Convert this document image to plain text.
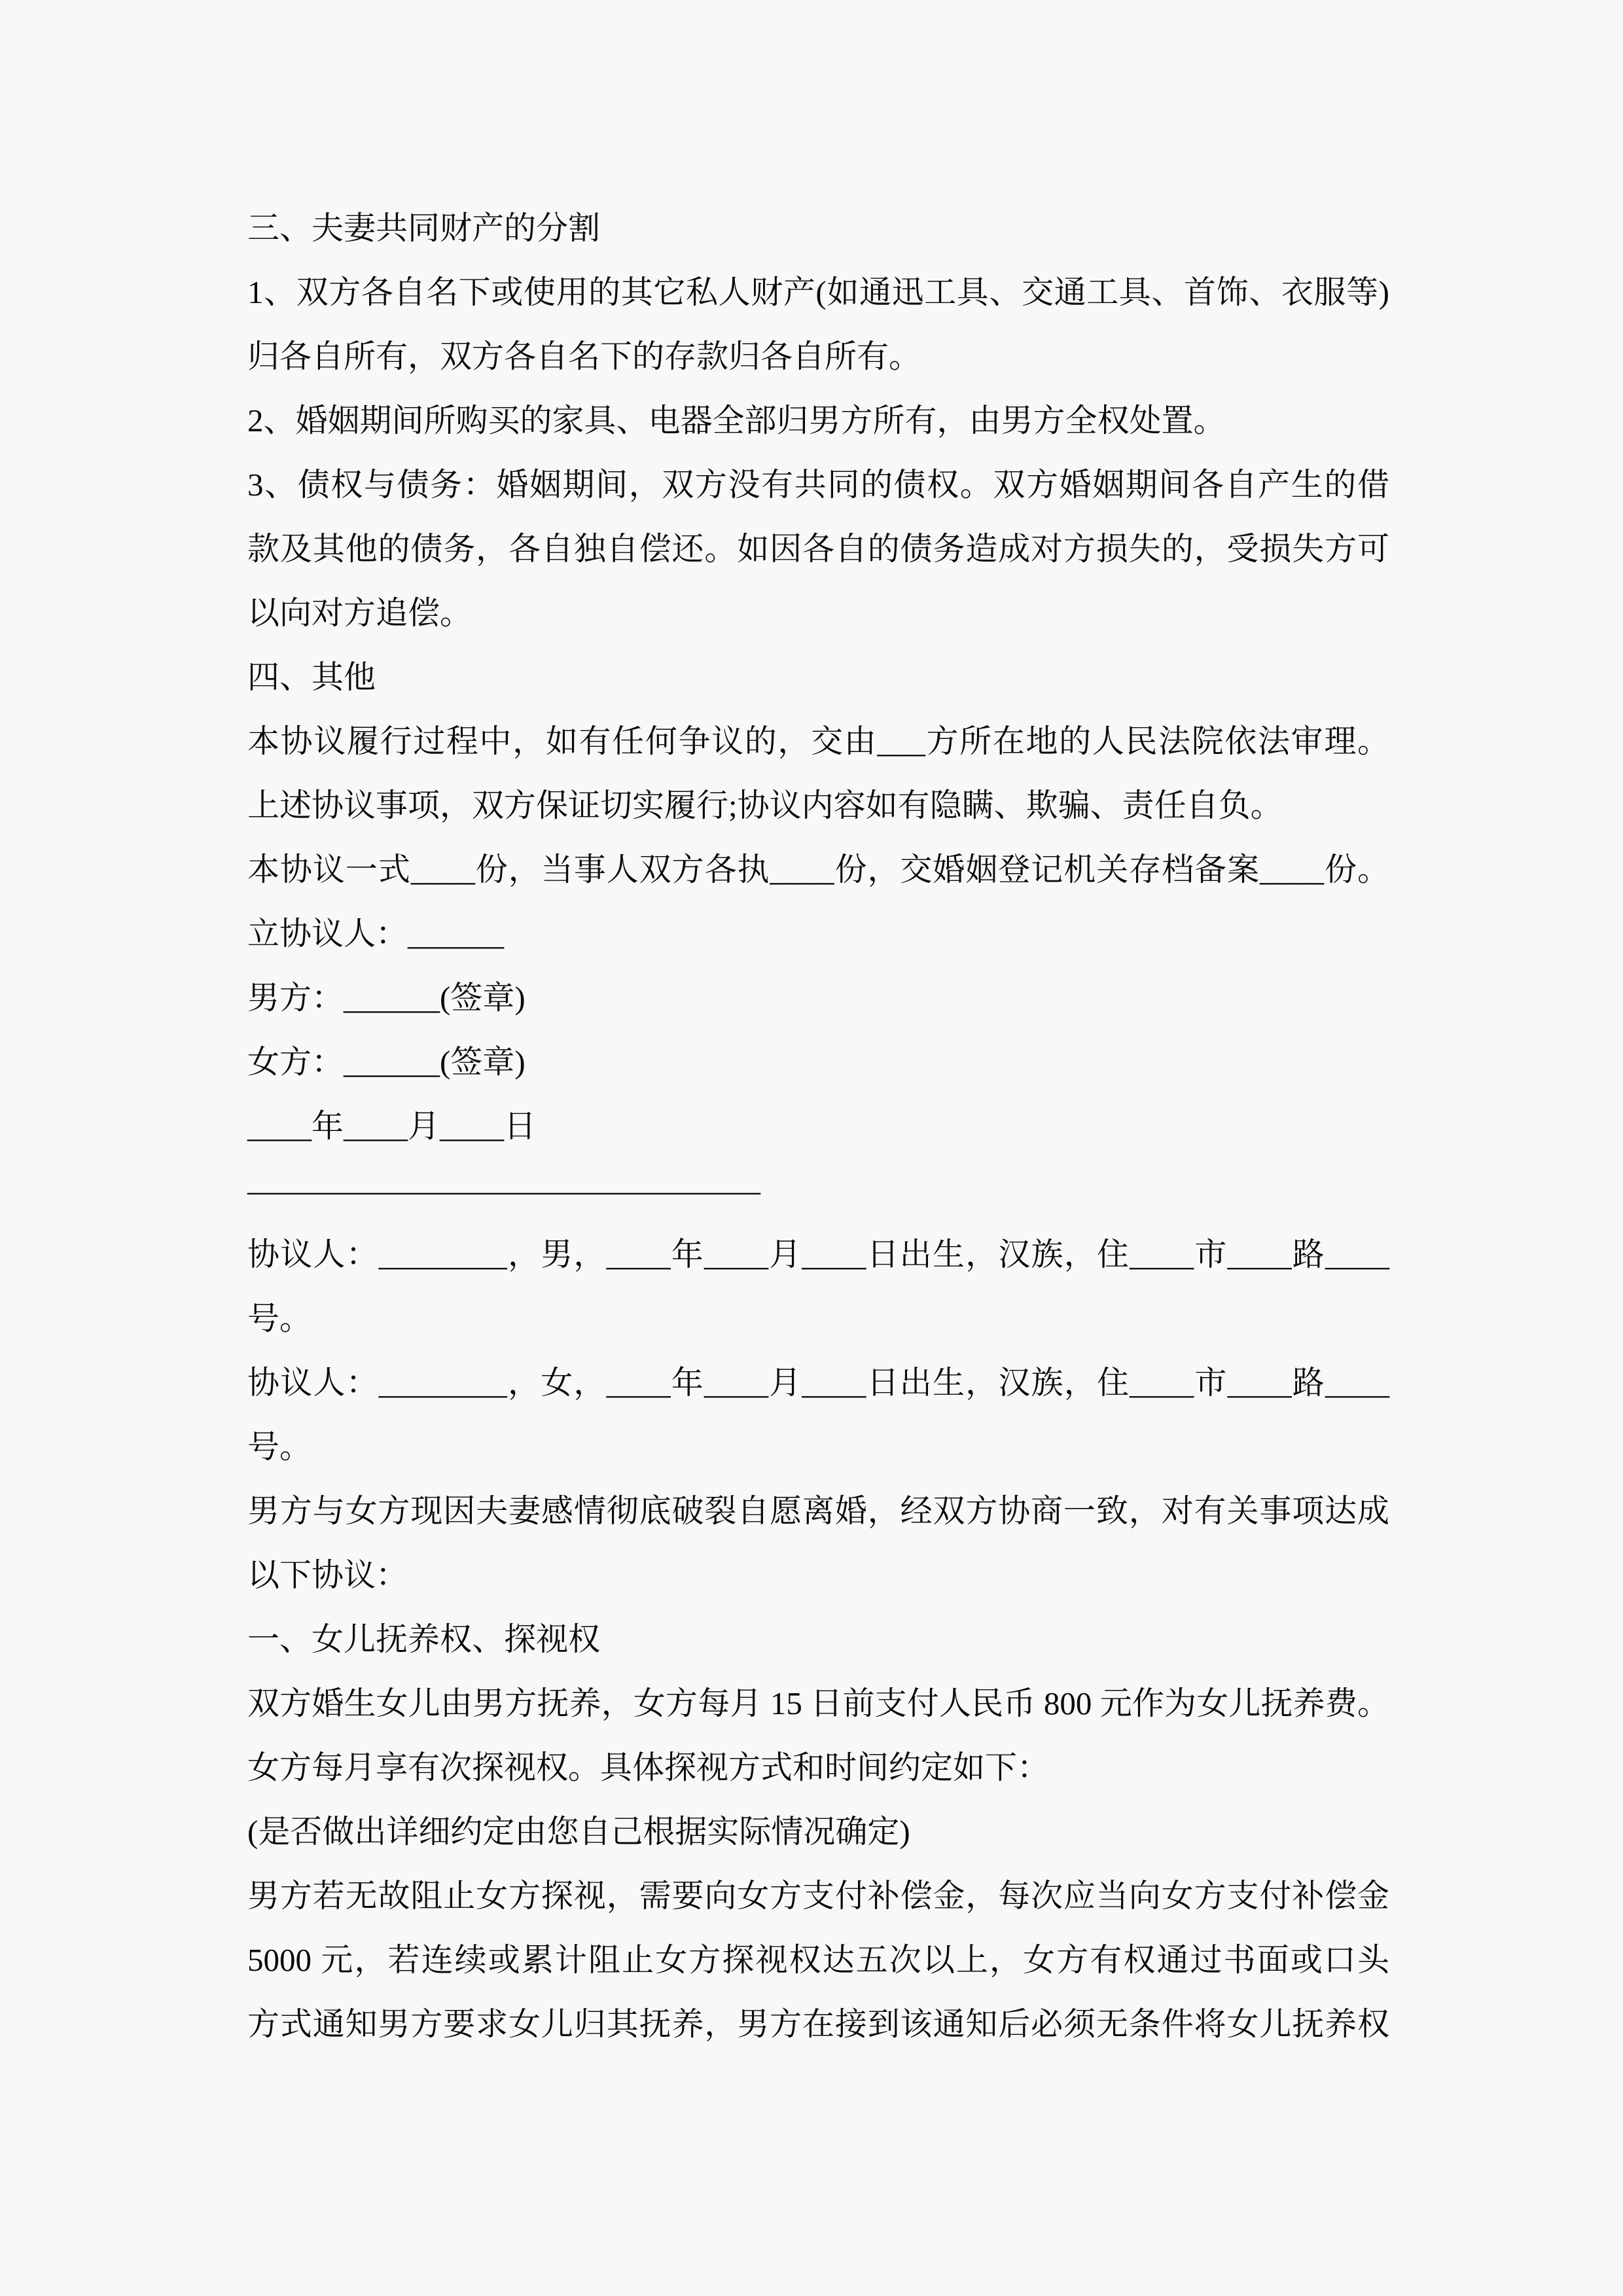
三、夫妻共同财产的分割
1、双方各自名下或使用的其它私人财产(如通迅工具、交通工具、首饰、衣服等)
归各自所有，双方各自名下的存款归各自所有。
2、婚姻期间所购买的家具、电器全部归男方所有，由男方全权处置。
3、债权与债务：婚姻期间，双方没有共同的债权。双方婚姻期间各自产生的借
款及其他的债务，各自独自偿还。如因各自的债务造成对方损失的，受损失方可
以向对方追偿。
四、其他
本协议履行过程中，如有任何争议的，交由___方所在地的人民法院依法审理。
上述协议事项，双方保证切实履行;协议内容如有隐瞒、欺骗、责任自负。
本协议一式____份，当事人双方各执____份，交婚姻登记机关存档备案____份。
立协议人：______
男方：______(签章)
女方：______(签章)
____年____月____日
————————————————
协议人：________，男，____年____月____日出生，汉族，住____市____路____
号。
协议人：________，女，____年____月____日出生，汉族，住____市____路____
号。
男方与女方现因夫妻感情彻底破裂自愿离婚，经双方协商一致，对有关事项达成
以下协议：
一、女儿抚养权、探视权
双方婚生女儿由男方抚养，女方每月 15 日前支付人民币 800 元作为女儿抚养费。
女方每月享有次探视权。具体探视方式和时间约定如下：
(是否做出详细约定由您自己根据实际情况确定)
男方若无故阻止女方探视，需要向女方支付补偿金，每次应当向女方支付补偿金
5000 元，若连续或累计阻止女方探视权达五次以上，女方有权通过书面或口头
方式通知男方要求女儿归其抚养，男方在接到该通知后必须无条件将女儿抚养权
